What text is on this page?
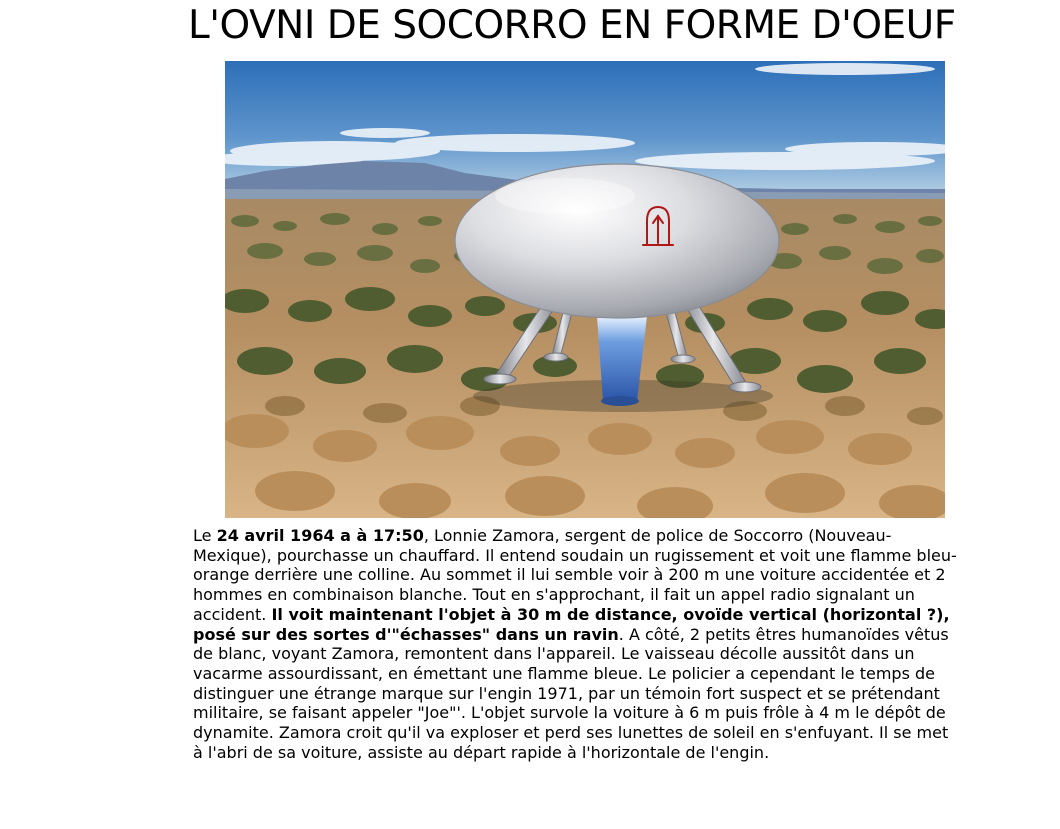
L'OVNI DE SOCORRO EN FORME D'OEUF

Le 24 avril 1964 a à 17:50, Lonnie Zamora, sergent de police de Soccorro (Nouveau-Mexique), pourchasse un chauffard. Il entend soudain un rugissement et voit une flamme bleu-orange derrière une colline. Au sommet il lui semble voir à 200 m une voiture accidentée et 2 hommes en combinaison blanche. Tout en s'approchant, il fait un appel radio signalant un accident. Il voit maintenant l'objet à 30 m de distance, ovoïde vertical (horizontal ?), posé sur des sortes d'"échasses" dans un ravin. A côté, 2 petits êtres humanoïdes vêtus de blanc, voyant Zamora, remontent dans l'appareil. Le vaisseau décolle aussitôt dans un vacarme assourdissant, en émettant une flamme bleue. Le policier a cependant le temps de distinguer une étrange marque sur l'engin 1971, par un témoin fort suspect et se prétendant militaire, se faisant appeler "Joe"'. L'objet survole la voiture à 6 m puis frôle à 4 m le dépôt de dynamite. Zamora croit qu'il va exploser et perd ses lunettes de soleil en s'enfuyant. Il se met à l'abri de sa voiture, assiste au départ rapide à l'horizontale de l'engin.
